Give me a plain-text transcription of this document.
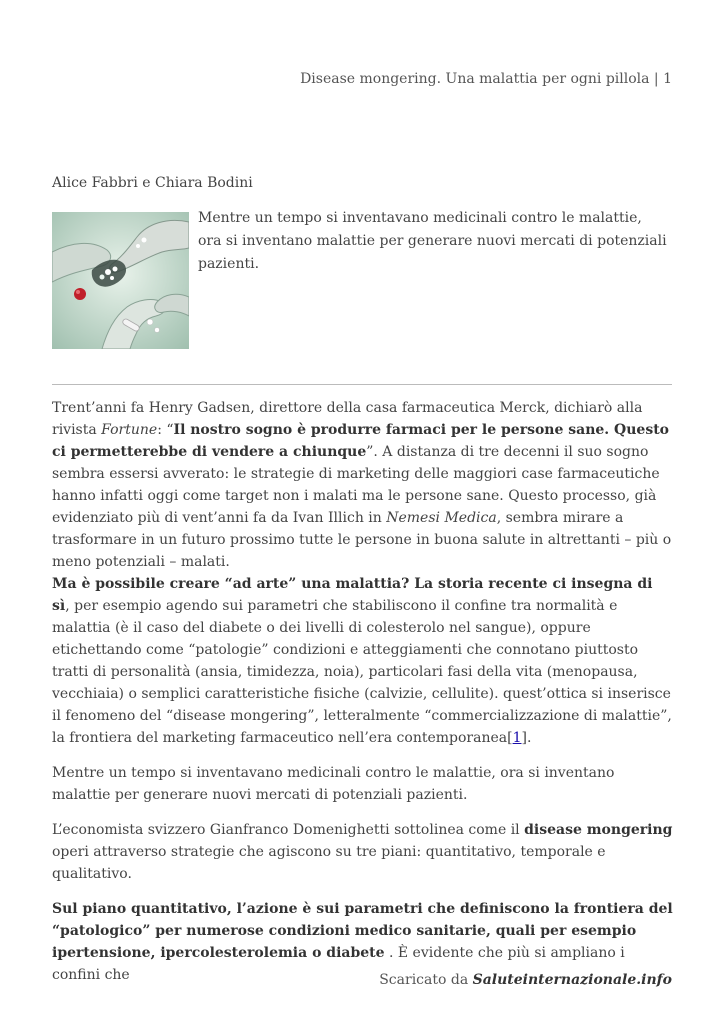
Disease mongering. Una malattia per ogni pillola | 1
Alice Fabbri e Chiara Bodini

Mentre un tempo si inventavano medicinali contro le malattie, ora si inventano malattie per generare nuovi mercati di potenziali pazienti.

Trent’anni fa Henry Gadsen, direttore della casa farmaceutica Merck, dichiarò alla rivista Fortune: “Il nostro sogno è produrre farmaci per le persone sane. Questo ci permetterebbe di vendere a chiunque”. A distanza di tre decenni il suo sogno sembra essersi avverato: le strategie di marketing delle maggiori case farmaceutiche hanno infatti oggi come target non i malati ma le persone sane. Questo processo, già evidenziato più di vent’anni fa da Ivan Illich in Nemesi Medica, sembra mirare a trasformare in un futuro prossimo tutte le persone in buona salute in altrettanti – più o meno potenziali – malati.
Ma è possibile creare “ad arte” una malattia? La storia recente ci insegna di sì, per esempio agendo sui parametri che stabiliscono il confine tra normalità e malattia (è il caso del diabete o dei livelli di colesterolo nel sangue), oppure etichettando come “patologie” condizioni e atteggiamenti che connotano piuttosto tratti di personalità (ansia, timidezza, noia), particolari fasi della vita (menopausa, vecchiaia) o semplici caratteristiche fisiche (calvizie, cellulite). quest’ottica si inserisce il fenomeno del “disease mongering”, letteralmente “commercializzazione di malattie”, la frontiera del marketing farmaceutico nell’era contemporanea[1].

Mentre un tempo si inventavano medicinali contro le malattie, ora si inventano malattie per generare nuovi mercati di potenziali pazienti.

L’economista svizzero Gianfranco Domenighetti sottolinea come il disease mongering operi attraverso strategie che agiscono su tre piani: quantitativo, temporale e qualitativo.

Sul piano quantitativo, l’azione è sui parametri che definiscono la frontiera del “patologico” per numerose condizioni medico sanitarie, quali per esempio ipertensione, ipercolesterolemia o diabete . È evidente che più si ampliano i confini che	Scaricato da Saluteinternazionale.info
